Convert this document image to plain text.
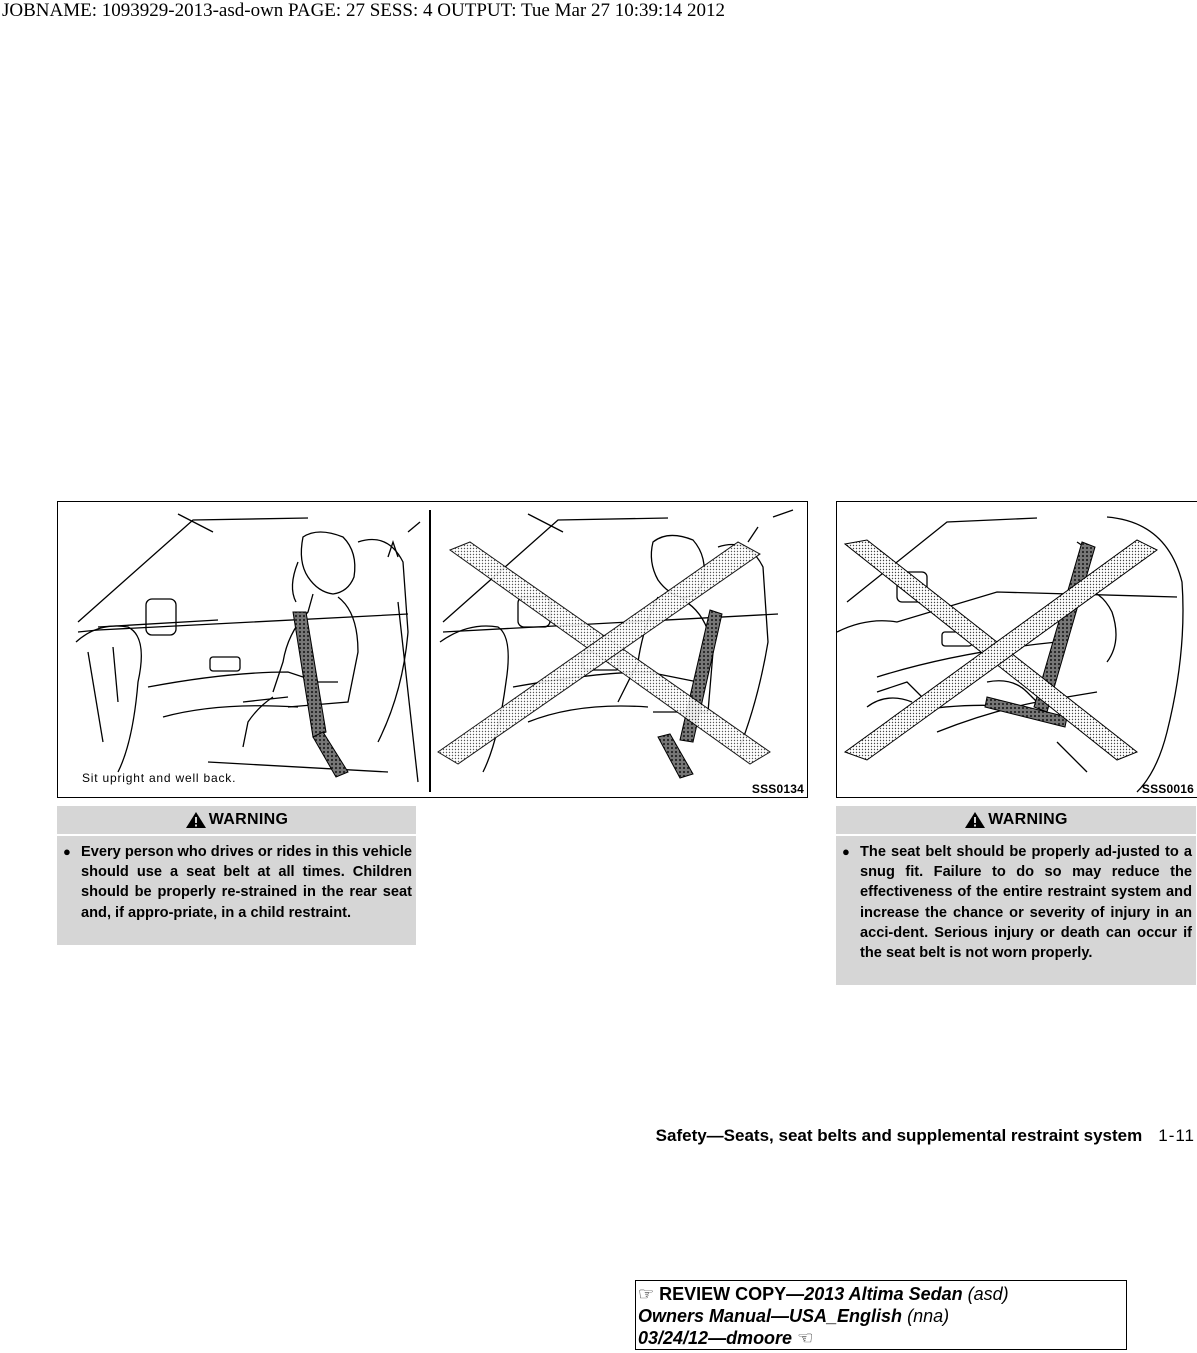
JOBNAME: 1093929-2013-asd-own PAGE: 27 SESS: 4 OUTPUT: Tue Mar 27 10:39:14 2012
Sit upright and well back.
SSS0134	SSS0016
WARNING
● Every person who drives or rides in this vehicle should use a seat belt at all times. Children should be properly re-strained in the rear seat and, if appro-priate, in a child restraint.
WARNING
● The seat belt should be properly ad-justed to a snug fit. Failure to do so may reduce the effectiveness of the entire restraint system and increase the chance or severity of injury in an acci-dent. Serious injury or death can occur if the seat belt is not worn properly.
Safety—Seats, seat belts and supplemental restraint system 1-11
☞ REVIEW COPY—2013 Altima Sedan (asd)
Owners Manual—USA_English (nna)
03/24/12—dmoore ☜
